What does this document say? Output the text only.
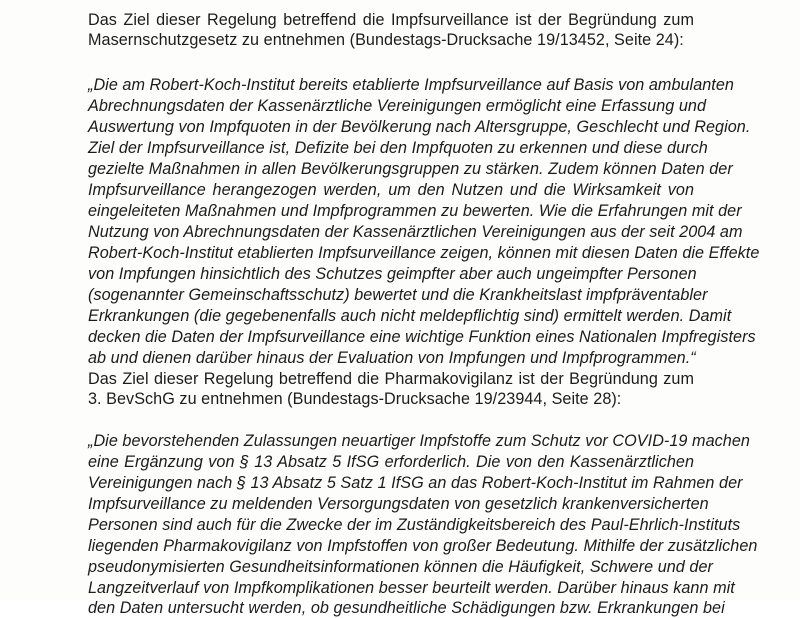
Das Ziel dieser Regelung betreffend die Impfsurveillance ist der Begründung zum
Masernschutzgesetz zu entnehmen (Bundestags-Drucksache 19/13452, Seite 24):
„Die am Robert-Koch-Institut bereits etablierte Impfsurveillance auf Basis von ambulanten
Abrechnungsdaten der Kassenärztliche Vereinigungen ermöglicht eine Erfassung und
Auswertung von Impfquoten in der Bevölkerung nach Altersgruppe, Geschlecht und Region.
Ziel der Impfsurveillance ist, Defizite bei den Impfquoten zu erkennen und diese durch
gezielte Maßnahmen in allen Bevölkerungsgruppen zu stärken. Zudem können Daten der
Impfsurveillance herangezogen werden, um den Nutzen und die Wirksamkeit von
eingeleiteten Maßnahmen und Impfprogrammen zu bewerten. Wie die Erfahrungen mit der
Nutzung von Abrechnungsdaten der Kassenärztlichen Vereinigungen aus der seit 2004 am
Robert-Koch-Institut etablierten Impfsurveillance zeigen, können mit diesen Daten die Effekte
von Impfungen hinsichtlich des Schutzes geimpfter aber auch ungeimpfter Personen
(sogenannter Gemeinschaftsschutz) bewertet und die Krankheitslast impfpräventabler
Erkrankungen (die gegebenenfalls auch nicht meldepflichtig sind) ermittelt werden. Damit
decken die Daten der Impfsurveillance eine wichtige Funktion eines Nationalen Impfregisters
ab und dienen darüber hinaus der Evaluation von Impfungen und Impfprogrammen.“
Das Ziel dieser Regelung betreffend die Pharmakovigilanz ist der Begründung zum
3. BevSchG zu entnehmen (Bundestags-Drucksache 19/23944, Seite 28):
„Die bevorstehenden Zulassungen neuartiger Impfstoffe zum Schutz vor COVID-19 machen
eine Ergänzung von § 13 Absatz 5 IfSG erforderlich. Die von den Kassenärztlichen
Vereinigungen nach § 13 Absatz 5 Satz 1 IfSG an das Robert-Koch-Institut im Rahmen der
Impfsurveillance zu meldenden Versorgungsdaten von gesetzlich krankenversicherten
Personen sind auch für die Zwecke der im Zuständigkeitsbereich des Paul-Ehrlich-Instituts
liegenden Pharmakovigilanz von Impfstoffen von großer Bedeutung. Mithilfe der zusätzlichen
pseudonymisierten Gesundheitsinformationen können die Häufigkeit, Schwere und der
Langzeitverlauf von Impfkomplikationen besser beurteilt werden. Darüber hinaus kann mit
den Daten untersucht werden, ob gesundheitliche Schädigungen bzw. Erkrankungen bei
